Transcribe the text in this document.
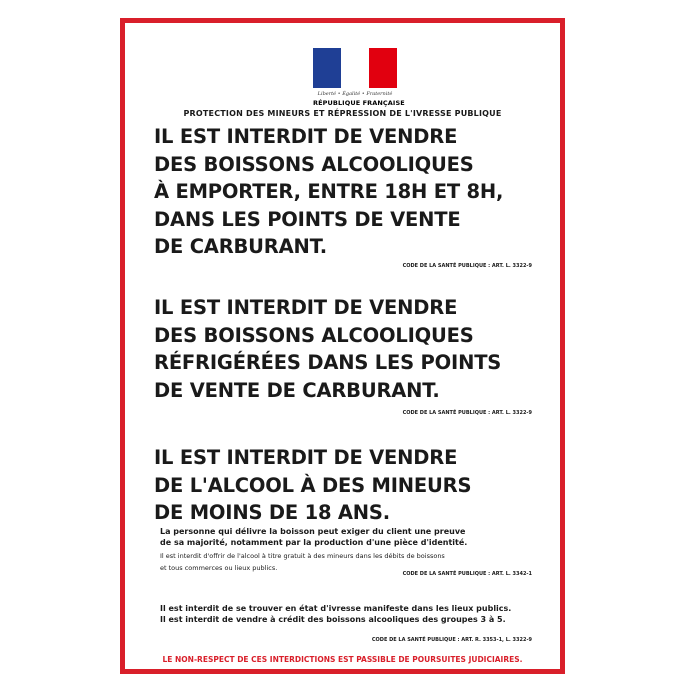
Liberté • Égalité • Fraternité
RÉPUBLIQUE FRANÇAISE
PROTECTION DES MINEURS ET RÉPRESSION DE L'IVRESSE PUBLIQUE
IL EST INTERDIT DE VENDRE
DES BOISSONS ALCOOLIQUES
À EMPORTER, ENTRE 18H ET 8H,
DANS LES POINTS DE VENTE
DE CARBURANT.
CODE DE LA SANTÉ PUBLIQUE : ART. L. 3322-9
IL EST INTERDIT DE VENDRE
DES BOISSONS ALCOOLIQUES
RÉFRIGÉRÉES DANS LES POINTS
DE VENTE DE CARBURANT.
CODE DE LA SANTÉ PUBLIQUE : ART. L. 3322-9
IL EST INTERDIT DE VENDRE
DE L'ALCOOL À DES MINEURS
DE MOINS DE 18 ANS.
La personne qui délivre la boisson peut exiger du client une preuve
de sa majorité, notamment par la production d'une pièce d'identité.
Il est interdit d'offrir de l'alcool à titre gratuit à des mineurs dans les débits de boissons
et tous commerces ou lieux publics.
CODE DE LA SANTÉ PUBLIQUE : ART. L. 3342-1
Il est interdit de se trouver en état d'ivresse manifeste dans les lieux publics.
Il est interdit de vendre à crédit des boissons alcooliques des groupes 3 à 5.
CODE DE LA SANTÉ PUBLIQUE : ART. R. 3353-1, L. 3322-9
LE NON-RESPECT DE CES INTERDICTIONS EST PASSIBLE DE POURSUITES JUDICIAIRES.
